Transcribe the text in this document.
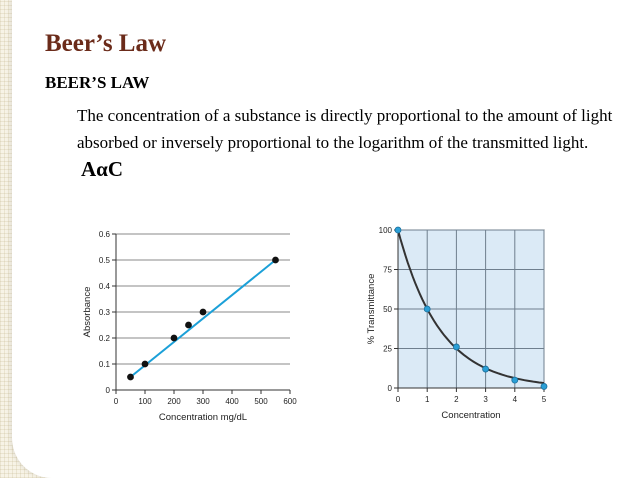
Beer’s Law
BEER’S LAW
The concentration of a substance is directly proportional to the amount of light absorbed or inversely proportional to the logarithm of the transmitted light. AαC
0
0.1
0.2
0.3
0.4
0.5
0.6
0	100 200 300 400 500 600
Concentration mg/dL
Absorbance
0
25
50
75
100
0	1	2	3	4	5
Concentration
% Transmittance
